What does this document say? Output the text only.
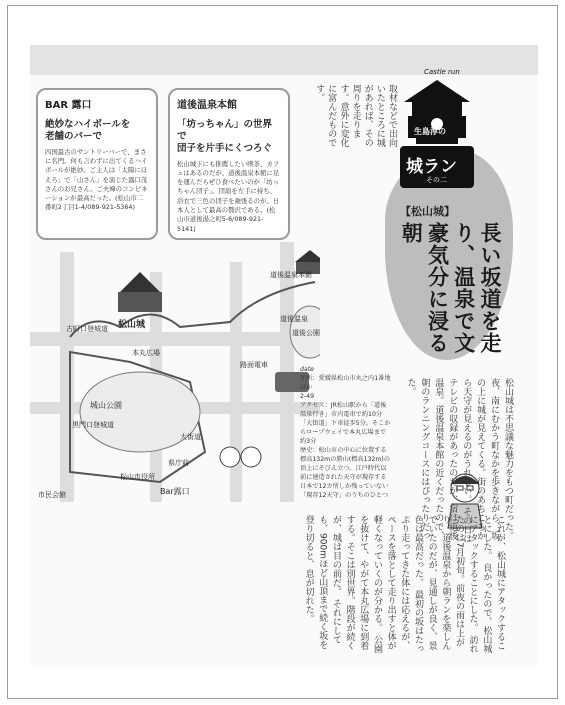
BAR 露口
絶妙なハイボールを
老舗のバーで

四国最古のサントリーバーで、まさに名門。何も言わずに出てくるハイボールが絶妙。ご主人は「太陽にほえろ」で「山さん」を演じた露口茂さんのお兄さん。ご夫婦のコンビネーションが最高だった。(松山市二番町2丁目1-4/089-921-5364)

道後温泉本館
「坊っちゃん」の世界で
団子を片手にくつろぐ

松山城下にも推薦したい喫茶、カフェはあるのだが、道後温泉本館に足を運んだらぜひ食べたいのが「坊っちゃん団子」。団扇を左手に持ち、浴衣で三色の団子を頬張るのが、日本人として最高の贅沢である。(松山市道後湯之町5-6/089-921-5141)

取材などで出向いたところに城があれば、その周りを走ります。意外に変化に富んだものです。
Castle run
生島淳の
城ラン
その二
【松山城】
長い坂道を走り、温泉で文豪気分に浸る朝
道後温泉本館
松山城
道後温泉
古町口登城道
本丸広場
道後公園
城山公園
黒門口登城道
路面電車
市民会館
県庁前
松山市役所
Bar露口
大街道
date
住所：愛媛県松山市丸之内1番地ほか
2-49
アクセス：JR松山駅から「道後温泉行き」市内電車で約10分「大街道」下車徒歩5分。そこからロープウェイで本丸広場まで約3分
歴史：松山市の中心に位置する標高132mの勝山(標高132m)の頂上にそびえ立つ。江戸時代以前に建造された天守が現存する日本で12カ所しか残っていない「現存12天守」のうちのひとつ	松山城は不思議な魅力をもつ町だった。夜、南にむかう町なかを歩きながら、坂の上に城が見えてくる。街のあちこちから天守が見えるのがうれしい。 その日はテレビの収録があったのだが、宿は道後温泉。道後温泉本館の近くだったので、朝のランニングコースにはぴったりだった。
これが、松山城にアタックすることにした。 良かったので、松山城にアタックすることにした。 訪れたのは7月初旬。前夜の雨は上がり、道後温泉から朝ランを楽しんでいたのだが、見通しが良く、景色は最高だった。 最初の坂はたっぷり走ってきた体には応えるが、ペースを落として走り出すと体が軽くなっていくのが分かる。 公園を抜けて、やがて本丸広場に到着する。そこは別世界。階段が続くが、城は目の前だ。 それにしても、900mほど山頂まで続く坂を登り切ると、息が切れた。
